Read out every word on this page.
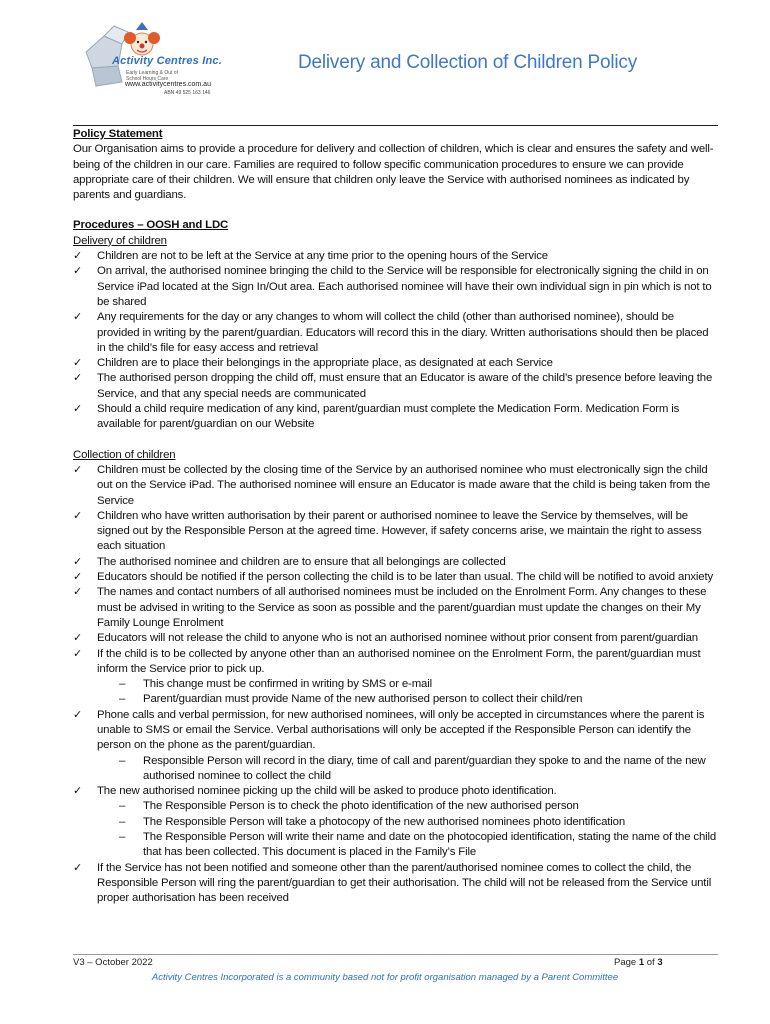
Activity Centres Inc.
Early Learning & Out of School Hours Care
www.activitycentres.com.au
ABN 49 525 163 146
Delivery and Collection of Children Policy
Policy Statement

Our Organisation aims to provide a procedure for delivery and collection of children, which is clear and ensures the safety and well-being of the children in our care. Families are required to follow specific communication procedures to ensure we can provide appropriate care of their children. We will ensure that children only leave the Service with authorised nominees as indicated by parents and guardians.

Procedures – OOSH and LDC
Delivery of children
✓ Children are not to be left at the Service at any time prior to the opening hours of the Service
✓ On arrival, the authorised nominee bringing the child to the Service will be responsible for electronically signing the child in on Service iPad located at the Sign In/Out area. Each authorised nominee will have their own individual sign in pin which is not to be shared
✓ Any requirements for the day or any changes to whom will collect the child (other than authorised nominee), should be provided in writing by the parent/guardian. Educators will record this in the diary. Written authorisations should then be placed in the child’s file for easy access and retrieval
✓ Children are to place their belongings in the appropriate place, as designated at each Service
✓ The authorised person dropping the child off, must ensure that an Educator is aware of the child’s presence before leaving the Service, and that any special needs are communicated
✓ Should a child require medication of any kind, parent/guardian must complete the Medication Form. Medication Form is available for parent/guardian on our Website
Collection of children
✓ Children must be collected by the closing time of the Service by an authorised nominee who must electronically sign the child out on the Service iPad. The authorised nominee will ensure an Educator is made aware that the child is being taken from the Service
✓ Children who have written authorisation by their parent or authorised nominee to leave the Service by themselves, will be signed out by the Responsible Person at the agreed time. However, if safety concerns arise, we maintain the right to assess each situation
✓ The authorised nominee and children are to ensure that all belongings are collected
✓ Educators should be notified if the person collecting the child is to be later than usual. The child will be notified to avoid anxiety
✓ The names and contact numbers of all authorised nominees must be included on the Enrolment Form. Any changes to these must be advised in writing to the Service as soon as possible and the parent/guardian must update the changes on their My Family Lounge Enrolment
✓ Educators will not release the child to anyone who is not an authorised nominee without prior consent from parent/guardian
✓ If the child is to be collected by anyone other than an authorised nominee on the Enrolment Form, the parent/guardian must inform the Service prior to pick up.
– This change must be confirmed in writing by SMS or e-mail
– Parent/guardian must provide Name of the new authorised person to collect their child/ren
✓ Phone calls and verbal permission, for new authorised nominees, will only be accepted in circumstances where the parent is unable to SMS or email the Service. Verbal authorisations will only be accepted if the Responsible Person can identify the person on the phone as the parent/guardian.
– Responsible Person will record in the diary, time of call and parent/guardian they spoke to and the name of the new authorised nominee to collect the child
✓ The new authorised nominee picking up the child will be asked to produce photo identification.
– The Responsible Person is to check the photo identification of the new authorised person
– The Responsible Person will take a photocopy of the new authorised nominees photo identification
– The Responsible Person will write their name and date on the photocopied identification, stating the name of the child that has been collected. This document is placed in the Family’s File
✓ If the Service has not been notified and someone other than the parent/authorised nominee comes to collect the child, the Responsible Person will ring the parent/guardian to get their authorisation. The child will not be released from the Service until proper authorisation has been received
V3 – October 2022	Page 1 of 3
Activity Centres Incorporated is a community based not for profit organisation managed by a Parent Committee
